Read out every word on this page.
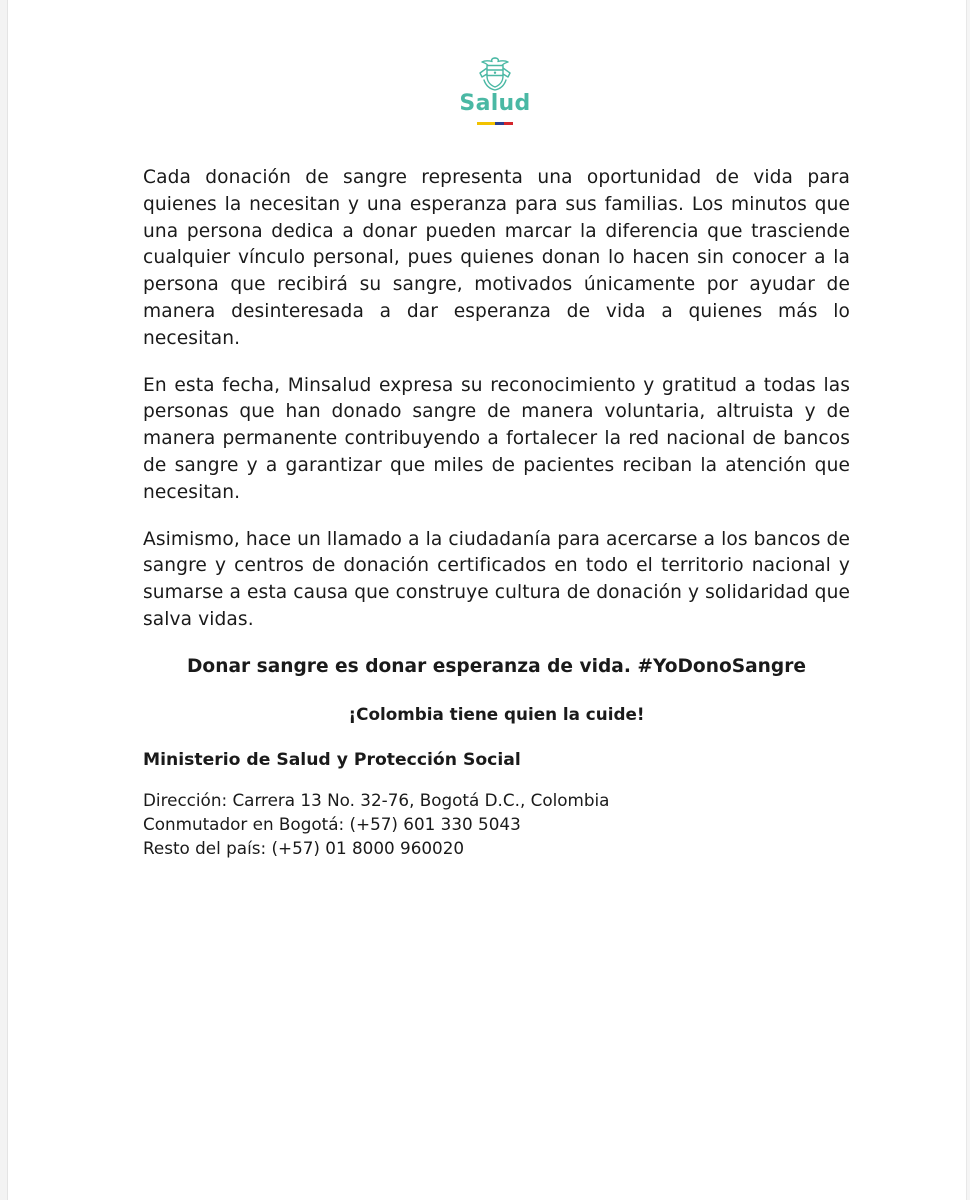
Salud

Cada donación de sangre representa una oportunidad de vida para quienes la necesitan y una esperanza para sus familias. Los minutos que una persona dedica a donar pueden marcar la diferencia que trasciende cualquier vínculo personal, pues quienes donan lo hacen sin conocer a la persona que recibirá su sangre, motivados únicamente por ayudar de manera desinteresada a dar esperanza de vida a quienes más lo necesitan.

En esta fecha, Minsalud expresa su reconocimiento y gratitud a todas las personas que han donado sangre de manera voluntaria, altruista y de manera permanente contribuyendo a fortalecer la red nacional de bancos de sangre y a garantizar que miles de pacientes reciban la atención que necesitan.

Asimismo, hace un llamado a la ciudadanía para acercarse a los bancos de sangre y centros de donación certificados en todo el territorio nacional y sumarse a esta causa que construye cultura de donación y solidaridad que salva vidas.

Donar sangre es donar esperanza de vida. #YoDonoSangre

¡Colombia tiene quien la cuide!

Ministerio de Salud y Protección Social

Dirección: Carrera 13 No. 32-76, Bogotá D.C., Colombia

Conmutador en Bogotá: (+57) 601 330 5043

Resto del país: (+57) 01 8000 960020
